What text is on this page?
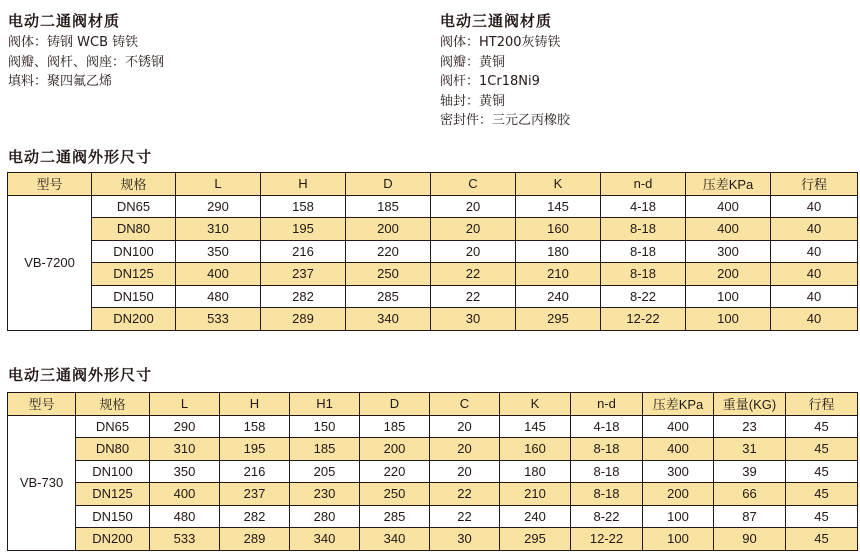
电动二通阀材质
阀体：铸钢 WCB 铸铁
阀瓣、阀杆、阀座：不锈钢
填料：聚四氟乙烯
电动三通阀材质
阀体：HT200灰铸铁
阀瓣：黄铜
阀杆：1Cr18Ni9
轴封：黄铜
密封件：三元乙丙橡胶
电动二通阀外形尺寸
型号	规格	L	H	D	C	K	n-d	压差KPa	行程
VB-7200	DN65	290	158	185	20	145	4-18	400	40
	DN80	310	195	200	20	160	8-18	400	40
	DN100	350	216	220	20	180	8-18	300	40
	DN125	400	237	250	22	210	8-18	200	40
	DN150	480	282	285	22	240	8-22	100	40
	DN200	533	289	340	30	295	12-22	100	40
电动三通阀外形尺寸
型号	规格	L	H	H1	D	C	K	n-d	压差KPa	重量(KG)	行程
VB-730	DN65	290	158	150	185	20	145	4-18	400	23	45
	DN80	310	195	185	200	20	160	8-18	400	31	45
	DN100	350	216	205	220	20	180	8-18	300	39	45
	DN125	400	237	230	250	22	210	8-18	200	66	45
	DN150	480	282	280	285	22	240	8-22	100	87	45
	DN200	533	289	340	340	30	295	12-22	100	90	45
